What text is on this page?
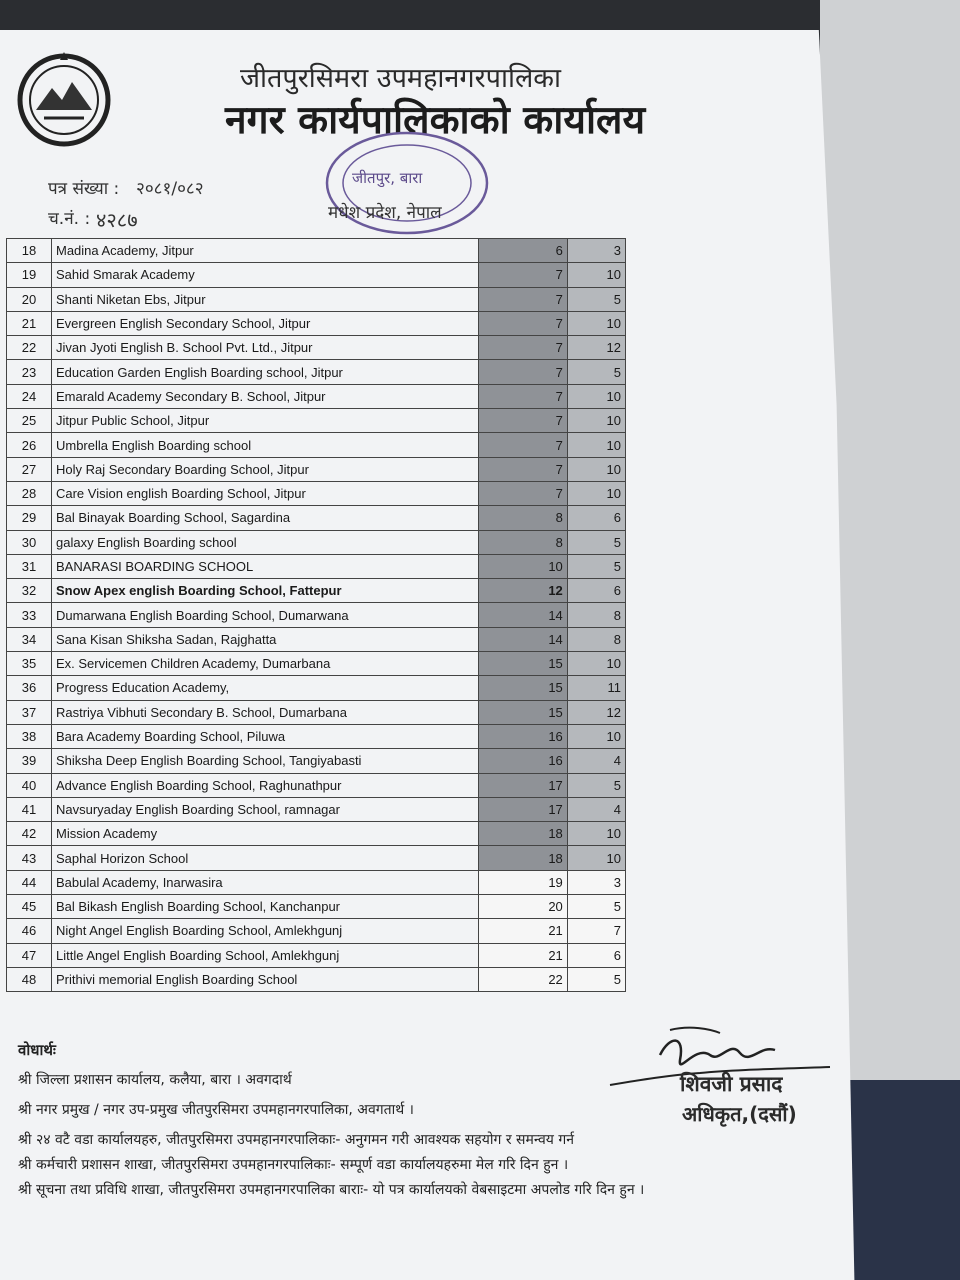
जीतपुरसिमरा उपमहानगरपालिका
नगर कार्यपालिकाको कार्यालय
पत्र संख्या : २०८१/०८२
च.नं. : ४२८७
जीतपुर, बारा
मधेश प्रदेश, नेपाल
18	Madina Academy, Jitpur	6	3
19	Sahid Smarak Academy	7	10
20	Shanti Niketan Ebs, Jitpur	7	5
21	Evergreen English Secondary School, Jitpur	7	10
22	Jivan Jyoti English B. School Pvt. Ltd., Jitpur	7	12
23	Education Garden English Boarding school, Jitpur	7	5
24	Emarald Academy Secondary B. School, Jitpur	7	10
25	Jitpur Public School, Jitpur	7	10
26	Umbrella English Boarding school	7	10
27	Holy Raj Secondary Boarding School, Jitpur	7	10
28	Care Vision english Boarding School, Jitpur	7	10
29	Bal Binayak Boarding School, Sagardina	8	6
30	galaxy English Boarding school	8	5
31	BANARASI BOARDING SCHOOL	10	5
32	Snow Apex english Boarding School, Fattepur	12	6
33	Dumarwana English Boarding School, Dumarwana	14	8
34	Sana Kisan Shiksha Sadan, Rajghatta	14	8
35	Ex. Servicemen Children Academy, Dumarbana	15	10
36	Progress Education Academy,	15	11
37	Rastriya Vibhuti Secondary B. School, Dumarbana	15	12
38	Bara Academy Boarding School, Piluwa	16	10
39	Shiksha Deep English Boarding School, Tangiyabasti	16	4
40	Advance English Boarding School, Raghunathpur	17	5
41	Navsuryaday English Boarding School, ramnagar	17	4
42	Mission Academy	18	10
43	Saphal Horizon School	18	10
44	Babulal Academy, Inarwasira	19	3
45	Bal Bikash English Boarding School, Kanchanpur	20	5
46	Night Angel English Boarding School, Amlekhgunj	21	7
47	Little Angel English Boarding School, Amlekhgunj	21	6
48	Prithivi memorial English Boarding School	22	5
वोधार्थः
श्री जिल्ला प्रशासन कार्यालय, कलैया, बारा । अवगदार्थ
श्री नगर प्रमुख / नगर उप-प्रमुख जीतपुरसिमरा उपमहानगरपालिका, अवगतार्थ ।
श्री २४ वटै वडा कार्यालयहरु, जीतपुरसिमरा उपमहानगरपालिकाः- अनुगमन गरी आवश्यक सहयोग र समन्वय गर्न
श्री कर्मचारी प्रशासन शाखा, जीतपुरसिमरा उपमहानगरपालिकाः- सम्पूर्ण वडा कार्यालयहरुमा मेल गरि दिन हुन ।
श्री सूचना तथा प्रविधि शाखा, जीतपुरसिमरा उपमहानगरपालिका बाराः- यो पत्र कार्यालयको वेबसाइटमा अपलोड गरि दिन हुन ।
शिवजी प्रसाद
अधिकृत,(दसौं)
